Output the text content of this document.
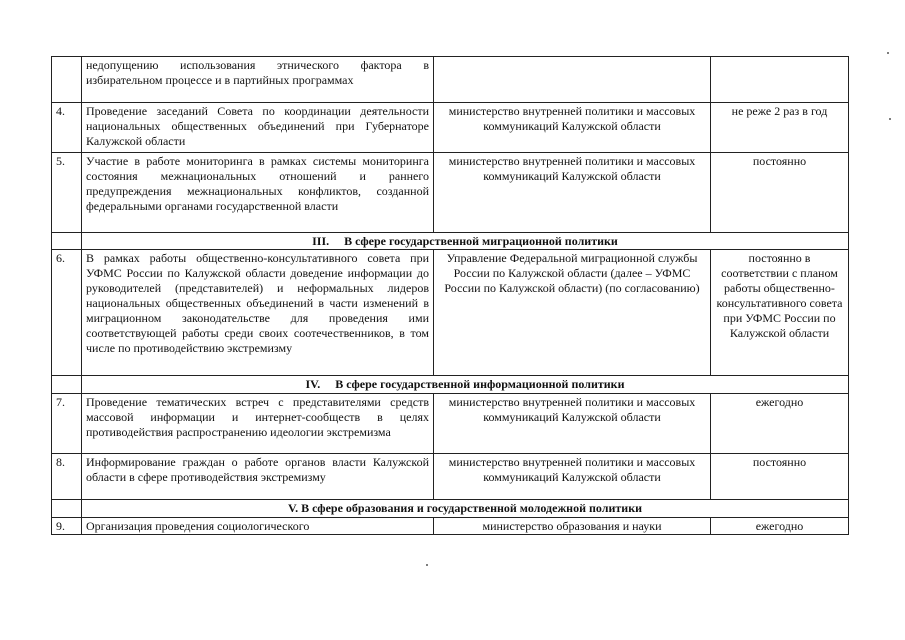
	недопущению использования этнического фактора в избирательном процессе и в партийных программах		
4.	Проведение заседаний Совета по координации деятельности национальных общественных объединений при Губернаторе Калужской области	министерство внутренней политики и массовых коммуникаций Калужской области	не реже 2 раз в год
5.	Участие в работе мониторинга в рамках системы мониторинга состояния межнациональных отношений и раннего предупреждения межнациональных конфликтов, созданной федеральными органами государственной власти	министерство внутренней политики и массовых коммуникаций Калужской области	постоянно
	III.     В сфере государственной миграционной политики		
6.	В рамках работы общественно-консультативного совета при УФМС России по Калужской области доведение информации до руководителей (представителей) и неформальных лидеров национальных общественных объединений в части изменений в миграционном законодательстве для проведения ими соответствующей работы среди своих соотечественников, в том числе по противодействию экстремизму	Управление Федеральной миграционной службы России по Калужской области (далее – УФМС России по Калужской области) (по согласованию)	постоянно в соответствии с планом работы общественно-консультативного совета при УФМС России по Калужской области
	IV.     В сфере государственной информационной политики		
7.	Проведение тематических встреч с представителями средств массовой информации и интернет-сообществ в целях противодействия распространению идеологии экстремизма	министерство внутренней политики и массовых коммуникаций Калужской области	ежегодно
8.	Информирование граждан о работе органов власти Калужской области в сфере противодействия экстремизму	министерство внутренней политики и массовых коммуникаций Калужской области	постоянно
	V. В сфере образования и государственной молодежной политики		
9.	Организация проведения социологического	министерство образования и науки	ежегодно
